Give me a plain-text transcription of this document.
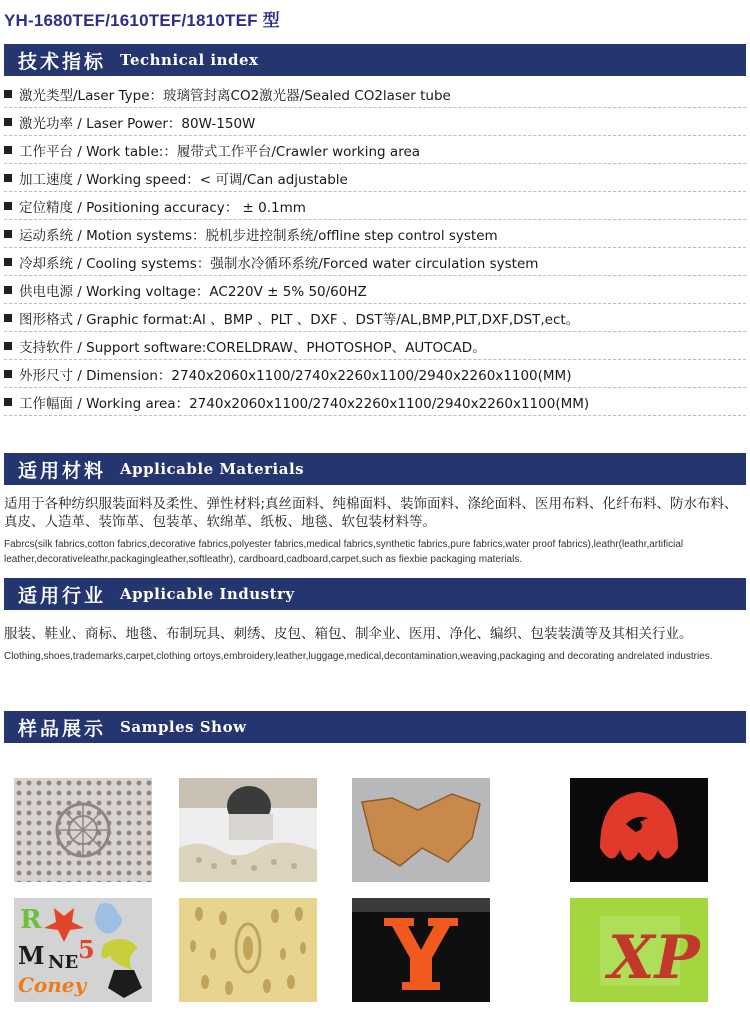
YH-1680TEF/1610TEF/1810TEF 型
技术指标 Technical index
激光类型/Laser Type：玻璃管封离CO2激光器/Sealed CO2laser tube
激光功率 / Laser Power：80W-150W
工作平台 / Work table:：履带式工作平台/Crawler working area
加工速度 / Working speed：< 可调/Can adjustable
定位精度 / Positioning accuracy： ± 0.1mm
运动系统 / Motion systems：脱机步进控制系统/offline step control system
冷却系统 / Cooling systems：强制水冷循环系统/Forced water circulation system
供电电源 / Working voltage：AC220V ± 5% 50/60HZ
图形格式 / Graphic format:AI 、BMP 、PLT 、DXF 、DST等/AL,BMP,PLT,DXF,DST,ect。
支持软件 / Support software:CORELDRAW、PHOTOSHOP、AUTOCAD。
外形尺寸 / Dimension：2740x2060x1100/2740x2260x1100/2940x2260x1100(MM)
工作幅面 / Working area：2740x2060x1100/2740x2260x1100/2940x2260x1100(MM)
适用材料 Applicable Materials

适用于各种纺织服装面料及柔性、弹性材料;真丝面料、纯棉面料、装饰面料、涤纶面料、医用布料、化纤布料、防水布料、真皮、人造革、装饰革、包装革、软绵革、纸板、地毯、软包装材料等。

Fabrcs(silk fabrics,cotton fabrics,decorative fabrics,polyester fabrics,medical fabrics,synthetic fabrics,pure fabrics,water proof fabrics),leathr(leathr,artificial leather,decorativeleathr,packagingleather,softleathr), cardboard,cadboard,carpet,such as fiexbie packaging materials.

适用行业 Applicable Industry

服装、鞋业、商标、地毯、布制玩具、刺绣、皮包、箱包、制伞业、医用、净化、编织、包装装潢等及其相关行业。

Clothing,shoes,trademarks,carpet,clothing ortoys,embroidery,leather,luggage,medical,decontamination,weaving,packaging and decorating andrelated industries.

样品展示 Samples Show
R
5
M NE
Coney	XP
